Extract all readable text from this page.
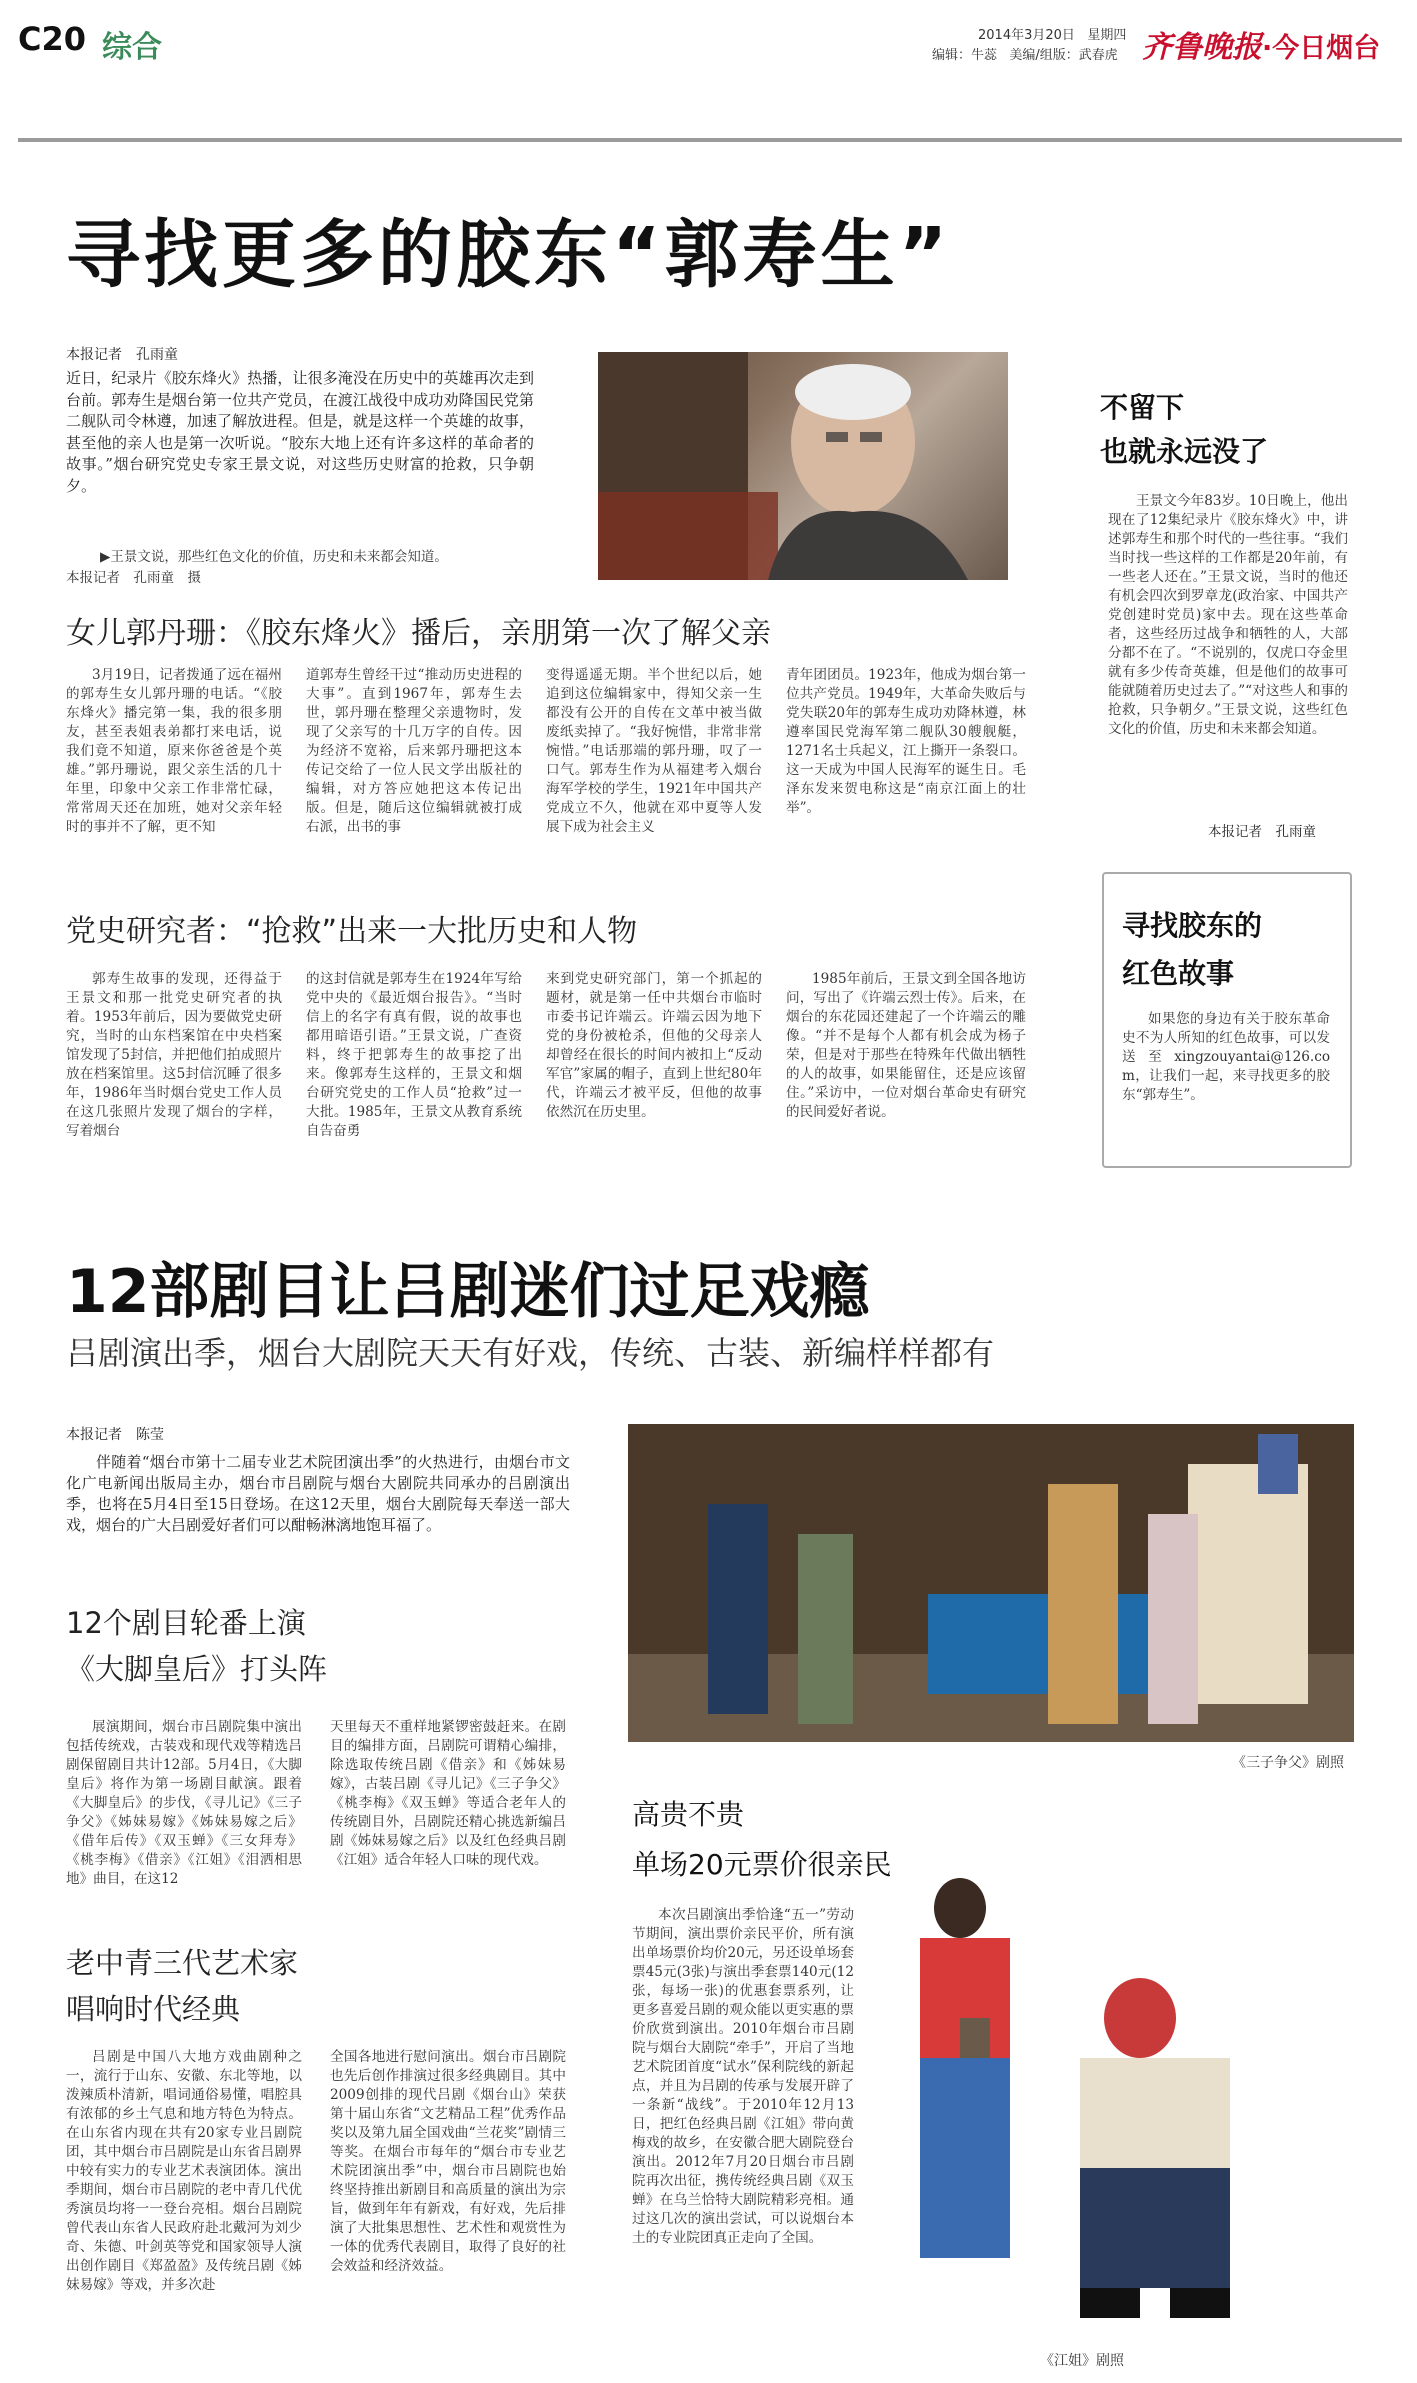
C20 综合	2014年3月20日 星期四
编辑：牛蕊 美编/组版：武春虎 齐鲁晚报·今日烟台
寻找更多的胶东“郭寿生”
本报记者　孔雨童
近日，纪录片《胶东烽火》热播，让很多淹没在历史中的英雄再次走到台前。郭寿生是烟台第一位共产党员，在渡江战役中成功劝降国民党第二舰队司令林遵，加速了解放进程。但是，就是这样一个英雄的故事，甚至他的亲人也是第一次听说。“胶东大地上还有许多这样的革命者的故事。”烟台研究党史专家王景文说，对这些历史财富的抢救，只争朝夕。
▶王景文说，那些红色文化的价值，历史和未来都会知道。
本报记者　孔雨童　摄
不留下
也就永远没了
王景文今年83岁。10日晚上，他出现在了12集纪录片《胶东烽火》中，讲述郭寿生和那个时代的一些往事。“我们当时找一些这样的工作都是20年前，有一些老人还在。”王景文说，当时的他还有机会四次到罗章龙(政治家、中国共产党创建时党员)家中去。现在这些革命者，这些经历过战争和牺牲的人，大部分都不在了。“不说别的，仅虎口夺金里就有多少传奇英雄，但是他们的故事可能就随着历史过去了。”“对这些人和事的抢救，只争朝夕。”王景文说，这些红色文化的价值，历史和未来都会知道。
本报记者　孔雨童
女儿郭丹珊：《胶东烽火》播后，亲朋第一次了解父亲
3月19日，记者拨通了远在福州的郭寿生女儿郭丹珊的电话。“《胶东烽火》播完第一集，我的很多朋友，甚至表姐表弟都打来电话，说我们竟不知道，原来你爸爸是个英雄。”郭丹珊说，跟父亲生活的几十年里，印象中父亲工作非常忙碌，常常周天还在加班，她对父亲年轻时的事并不了解，更不知
道郭寿生曾经干过“推动历史进程的大事”。直到1967年，郭寿生去世，郭丹珊在整理父亲遗物时，发现了父亲写的十几万字的自传。因为经济不宽裕，后来郭丹珊把这本传记交给了一位人民文学出版社的编辑，对方答应她把这本传记出版。但是，随后这位编辑就被打成右派，出书的事
变得遥遥无期。半个世纪以后，她追到这位编辑家中，得知父亲一生都没有公开的自传在文革中被当做废纸卖掉了。“我好惋惜，非常非常惋惜。”电话那端的郭丹珊，叹了一口气。郭寿生作为从福建考入烟台海军学校的学生，1921年中国共产党成立不久，他就在邓中夏等人发展下成为社会主义
青年团团员。1923年，他成为烟台第一位共产党员。1949年，大革命失败后与党失联20年的郭寿生成功劝降林遵，林遵率国民党海军第二舰队30艘舰艇，1271名士兵起义，江上撕开一条裂口。这一天成为中国人民海军的诞生日。毛泽东发来贺电称这是“南京江面上的壮举”。
党史研究者：“抢救”出来一大批历史和人物
郭寿生故事的发现，还得益于王景文和那一批党史研究者的执着。1953年前后，因为要做党史研究，当时的山东档案馆在中央档案馆发现了5封信，并把他们拍成照片放在档案馆里。这5封信沉睡了很多年，1986年当时烟台党史工作人员在这几张照片发现了烟台的字样，写着烟台
的这封信就是郭寿生在1924年写给党中央的《最近烟台报告》。“当时信上的名字有真有假，说的故事也都用暗语引语。”王景文说，广查资料，终于把郭寿生的故事挖了出来。像郭寿生这样的，王景文和烟台研究党史的工作人员“抢救”过一大批。1985年，王景文从教育系统自告奋勇
来到党史研究部门，第一个抓起的题材，就是第一任中共烟台市临时市委书记许端云。许端云因为地下党的身份被枪杀，但他的父母亲人却曾经在很长的时间内被扣上“反动军官”家属的帽子，直到上世纪80年代，许端云才被平反，但他的故事依然沉在历史里。
1985年前后，王景文到全国各地访问，写出了《许端云烈士传》。后来，在烟台的东花园还建起了一个许端云的雕像。“并不是每个人都有机会成为杨子荣，但是对于那些在特殊年代做出牺牲的人的故事，如果能留住，还是应该留住。”采访中，一位对烟台革命史有研究的民间爱好者说。
寻找胶东的
红色故事
如果您的身边有关于胶东革命史不为人所知的红色故事，可以发送至xingzouyantai@126.com，让我们一起，来寻找更多的胶东“郭寿生”。
12部剧目让吕剧迷们过足戏瘾
吕剧演出季，烟台大剧院天天有好戏，传统、古装、新编样样都有
本报记者　陈莹
伴随着“烟台市第十二届专业艺术院团演出季”的火热进行，由烟台市文化广电新闻出版局主办，烟台市吕剧院与烟台大剧院共同承办的吕剧演出季，也将在5月4日至15日登场。在这12天里，烟台大剧院每天奉送一部大戏，烟台的广大吕剧爱好者们可以酣畅淋漓地饱耳福了。
《三子争父》剧照
12个剧目轮番上演
《大脚皇后》打头阵
展演期间，烟台市吕剧院集中演出包括传统戏，古装戏和现代戏等精选吕剧保留剧目共计12部。5月4日，《大脚皇后》将作为第一场剧目献演。跟着《大脚皇后》的步伐，《寻儿记》《三子争父》《姊妹易嫁》《姊妹易嫁之后》《借年后传》《双玉蝉》《三女拜寿》《桃李梅》《借亲》《江姐》《泪洒相思地》曲目，在这12
天里每天不重样地紧锣密鼓赶来。在剧目的编排方面，吕剧院可谓精心编排，除选取传统吕剧《借亲》和《姊妹易嫁》，古装吕剧《寻儿记》《三子争父》《桃李梅》《双玉蝉》等适合老年人的传统剧目外，吕剧院还精心挑选新编吕剧《姊妹易嫁之后》以及红色经典吕剧《江姐》适合年轻人口味的现代戏。
老中青三代艺术家
唱响时代经典
吕剧是中国八大地方戏曲剧种之一，流行于山东、安徽、东北等地，以泼辣质朴清新，唱词通俗易懂，唱腔具有浓郁的乡土气息和地方特色为特点。在山东省内现在共有20家专业吕剧院团，其中烟台市吕剧院是山东省吕剧界中较有实力的专业艺术表演团体。演出季期间，烟台市吕剧院的老中青几代优秀演员均将一一登台亮相。烟台吕剧院曾代表山东省人民政府赴北戴河为刘少奇、朱德、叶剑英等党和国家领导人演出创作剧目《郑盈盈》及传统吕剧《姊妹易嫁》等戏，并多次赴
全国各地进行慰问演出。烟台市吕剧院也先后创作排演过很多经典剧目。其中2009创排的现代吕剧《烟台山》荣获第十届山东省“文艺精品工程”优秀作品奖以及第九届全国戏曲“兰花奖”剧情三等奖。在烟台市每年的“烟台市专业艺术院团演出季”中，烟台市吕剧院也始终坚持推出新剧目和高质量的演出为宗旨，做到年年有新戏，有好戏，先后排演了大批集思想性、艺术性和观赏性为一体的优秀代表剧目，取得了良好的社会效益和经济效益。
高贵不贵
单场20元票价很亲民
本次吕剧演出季恰逢“五一”劳动节期间，演出票价亲民平价，所有演出单场票价均价20元，另还设单场套票45元(3张)与演出季套票140元(12张，每场一张)的优惠套票系列，让更多喜爱吕剧的观众能以更实惠的票价欣赏到演出。2010年烟台市吕剧院与烟台大剧院“牵手”，开启了当地艺术院团首度“试水”保利院线的新起点，并且为吕剧的传承与发展开辟了一条新“战线”。于2010年12月13日，把红色经典吕剧《江姐》带向黄梅戏的故乡，在安徽合肥大剧院登台演出。2012年7月20日烟台市吕剧院再次出征，携传统经典吕剧《双玉蝉》在乌兰恰特大剧院精彩亮相。通过这几次的演出尝试，可以说烟台本土的专业院团真正走向了全国。
《江姐》剧照
